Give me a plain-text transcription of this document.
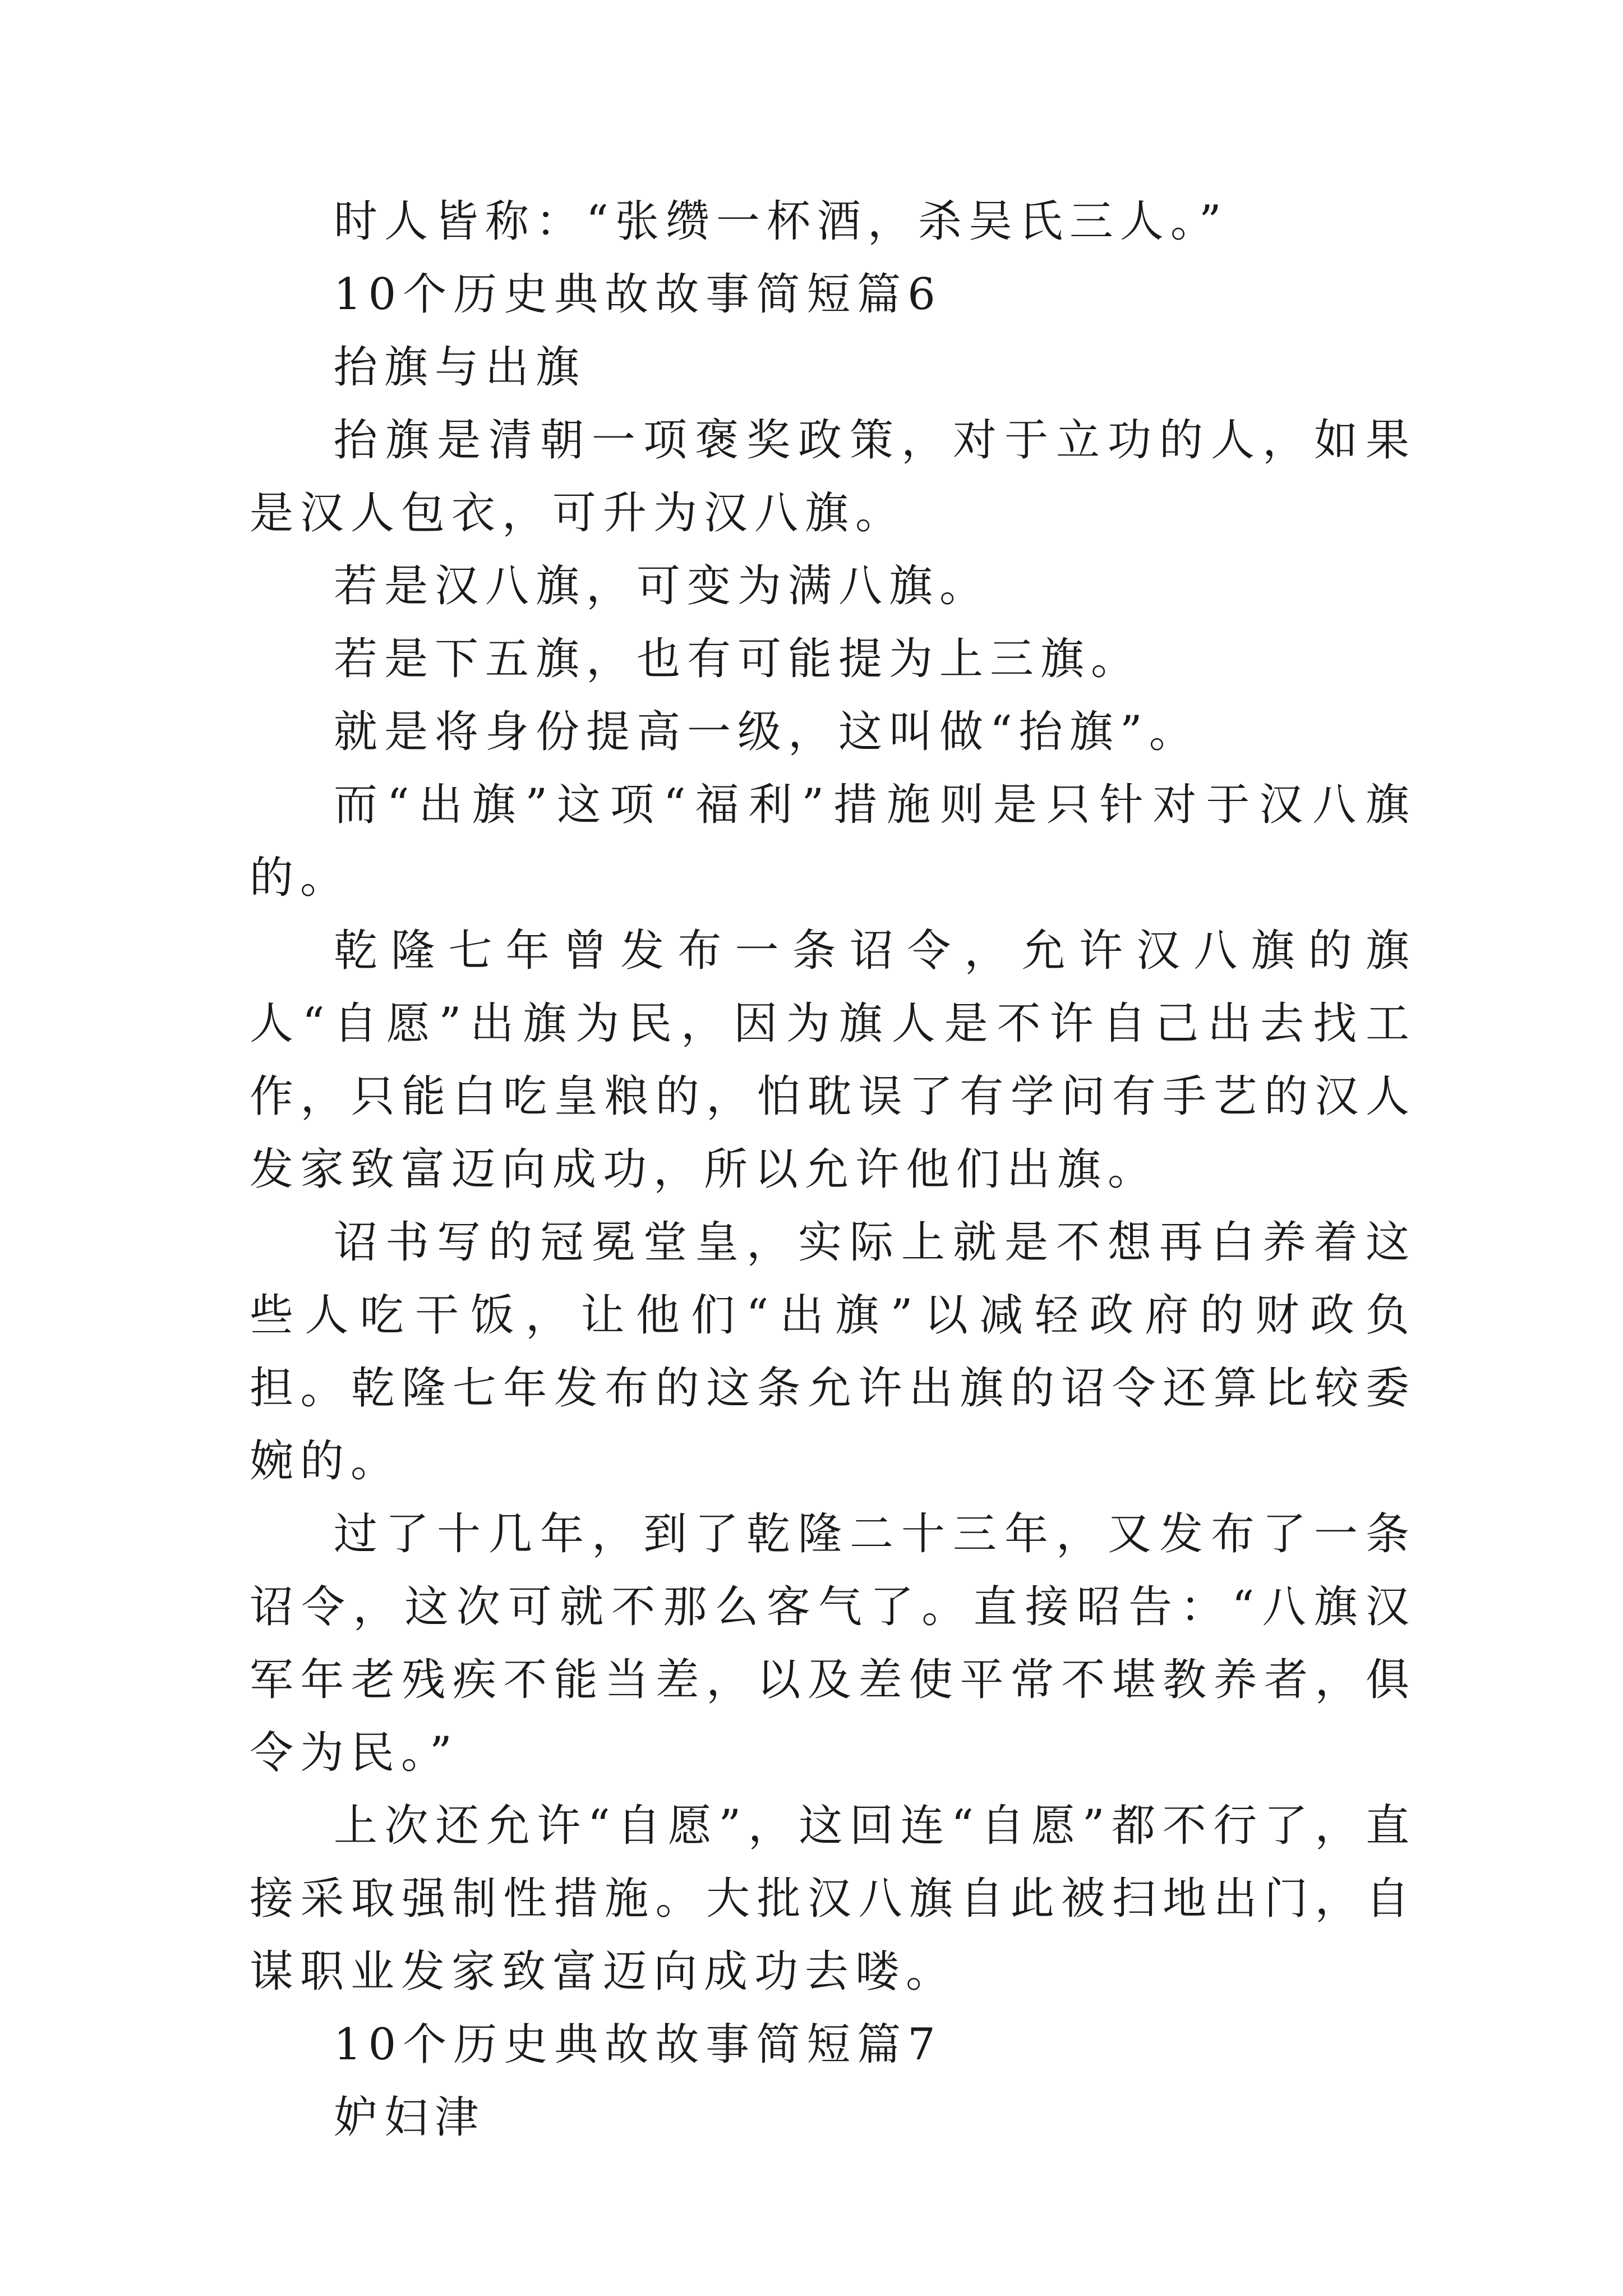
时人皆称：“张缵一杯酒，杀吴氏三人。”

10个历史典故故事简短篇6

抬旗与出旗

抬旗是清朝一项褒奖政策，对于立功的人，如果是汉人包衣，可升为汉八旗。

若是汉八旗，可变为满八旗。

若是下五旗，也有可能提为上三旗。

就是将身份提高一级，这叫做“抬旗”。

而“出旗”这项“福利”措施则是只针对于汉八旗的。

乾隆七年曾发布一条诏令，允许汉八旗的旗人“自愿”出旗为民，因为旗人是不许自己出去找工作，只能白吃皇粮的，怕耽误了有学问有手艺的汉人发家致富迈向成功，所以允许他们出旗。

诏书写的冠冕堂皇，实际上就是不想再白养着这些人吃干饭，让他们“出旗”以减轻政府的财政负担。乾隆七年发布的这条允许出旗的诏令还算比较委婉的。

过了十几年，到了乾隆二十三年，又发布了一条诏令，这次可就不那么客气了。直接昭告：“八旗汉军年老残疾不能当差，以及差使平常不堪教养者，俱令为民。”

上次还允许“自愿”，这回连“自愿”都不行了，直接采取强制性措施。大批汉八旗自此被扫地出门，自谋职业发家致富迈向成功去喽。

10个历史典故故事简短篇7

妒妇津
